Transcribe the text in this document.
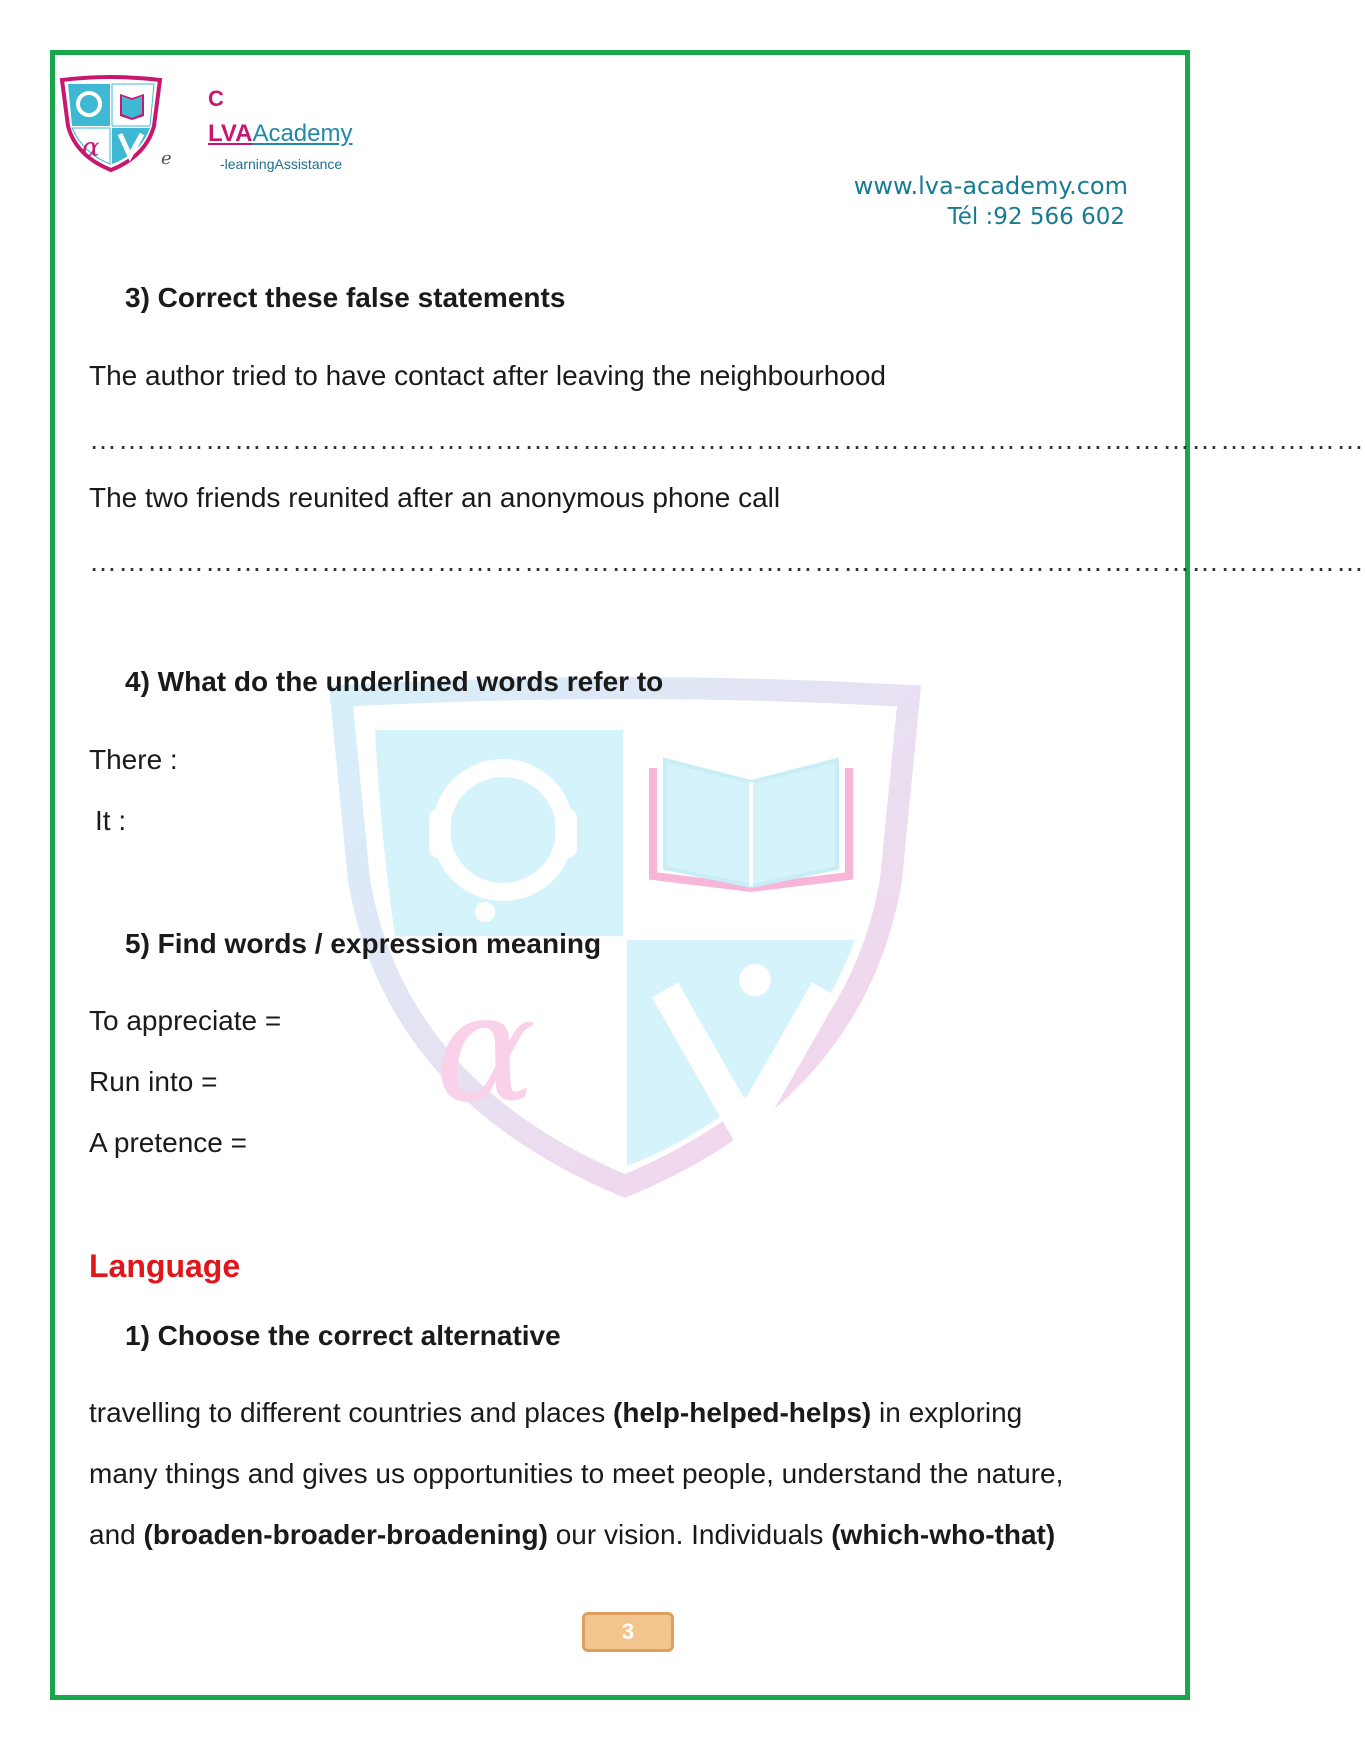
α	e
C
LVAAcademy
-learningAssistance
www.lva-academy.com
Tél :92 566 602
α
3) Correct these false statements
The author tried to have contact after leaving the neighbourhood
……………………………………………………………………………………………………………………
The two friends reunited after an anonymous phone call
……………………………………………………………………………………………………………………
4) What do the underlined words refer to
There :
It :
5) Find words / expression meaning
To appreciate =
Run into =
A pretence =
Language
1) Choose the correct alternative
travelling to different countries and places (help-helped-helps) in exploring
many things and gives us opportunities to meet people, understand the nature,
and (broaden-broader-broadening) our vision. Individuals (which-who-that)
3
